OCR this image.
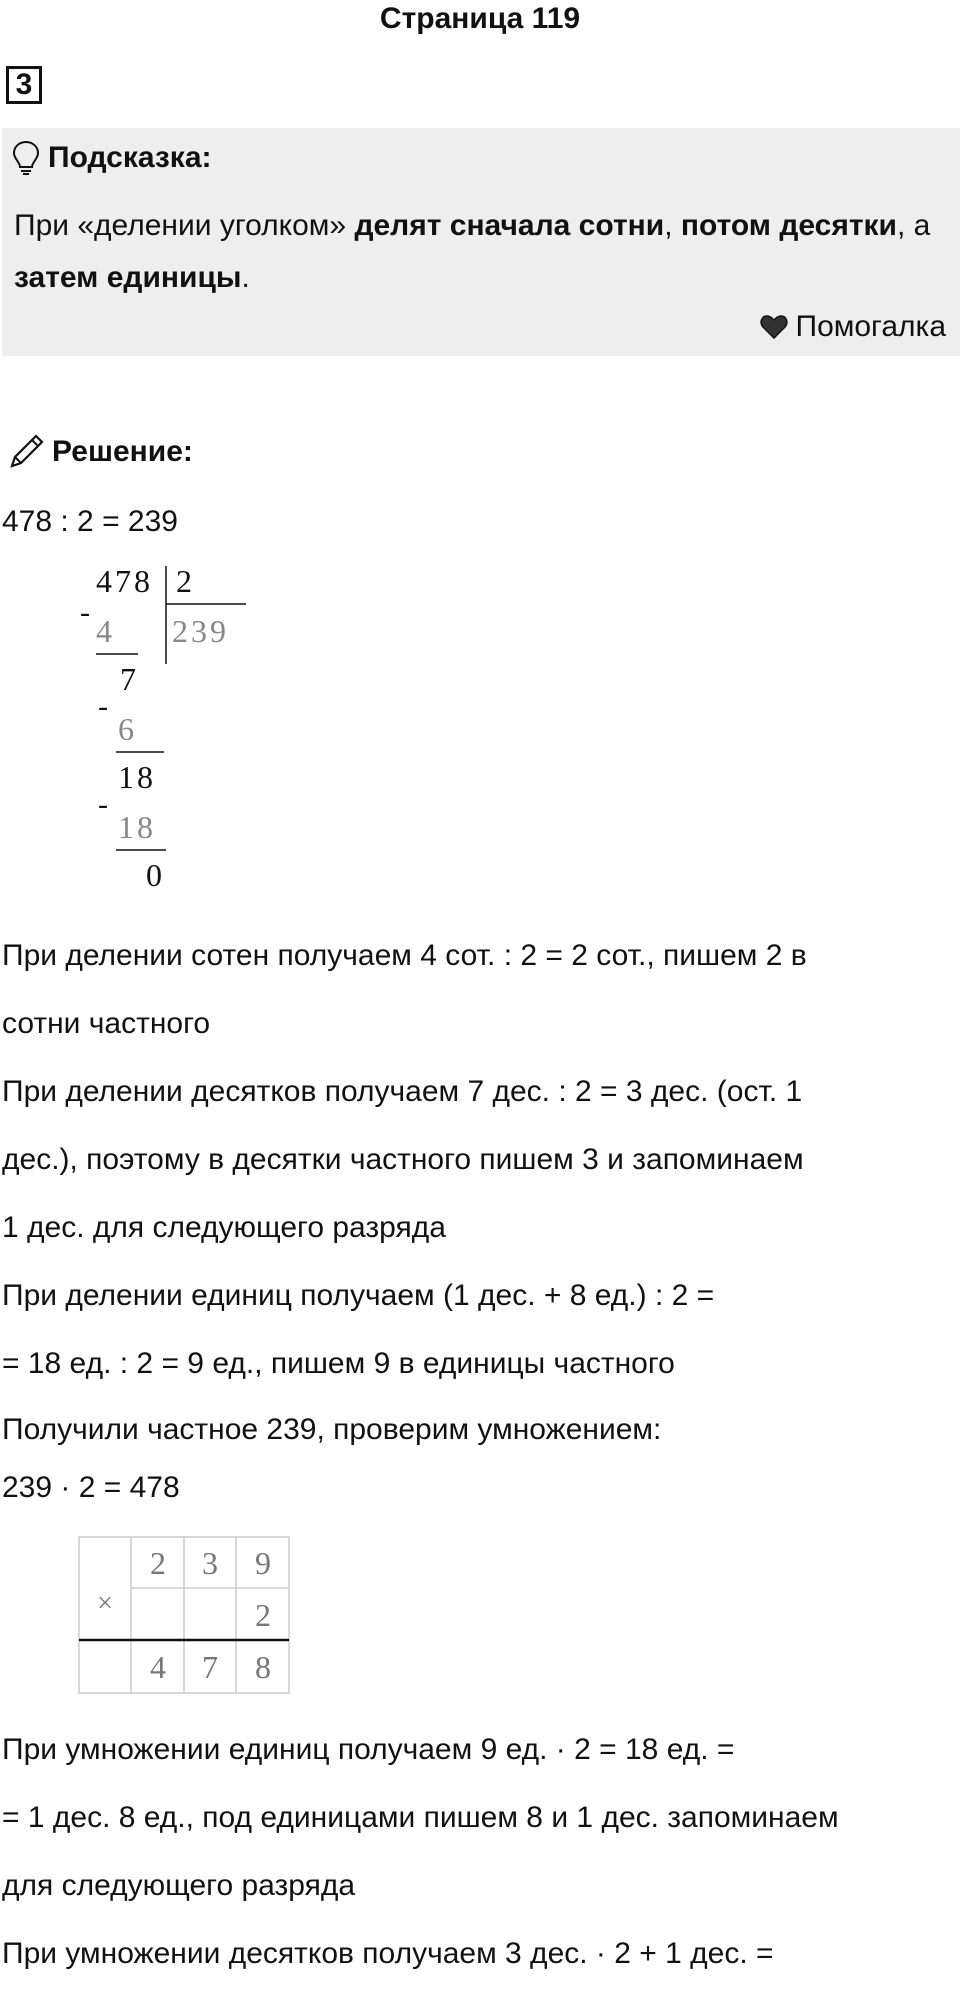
Страница 119
3
Подсказка:
При «делении уголком» делят сначала сотни, потом десятки, а затем единицы.
Помогалка
Решение:
478 : 2 = 239
478 2
239
-
4
7
-
6
18
-
18
0
При делении сотен получаем 4 сот. : 2 = 2 сот., пишем 2 в
сотни частного
При делении десятков получаем 7 дес. : 2 = 3 дес. (ост. 1
дес.), поэтому в десятки частного пишем 3 и запоминаем
1 дес. для следующего разряда
При делении единиц получаем (1 дес. + 8 ед.) : 2 =
= 18 ед. : 2 = 9 ед., пишем 9 в единицы частного
Получили частное 239, проверим умножением:
239 · 2 = 478
×
2 3 9
2
4 7 8
При умножении единиц получаем 9 ед. · 2 = 18 ед. =
= 1 дес. 8 ед., под единицами пишем 8 и 1 дес. запоминаем
для следующего разряда
При умножении десятков получаем 3 дес. · 2 + 1 дес. =
